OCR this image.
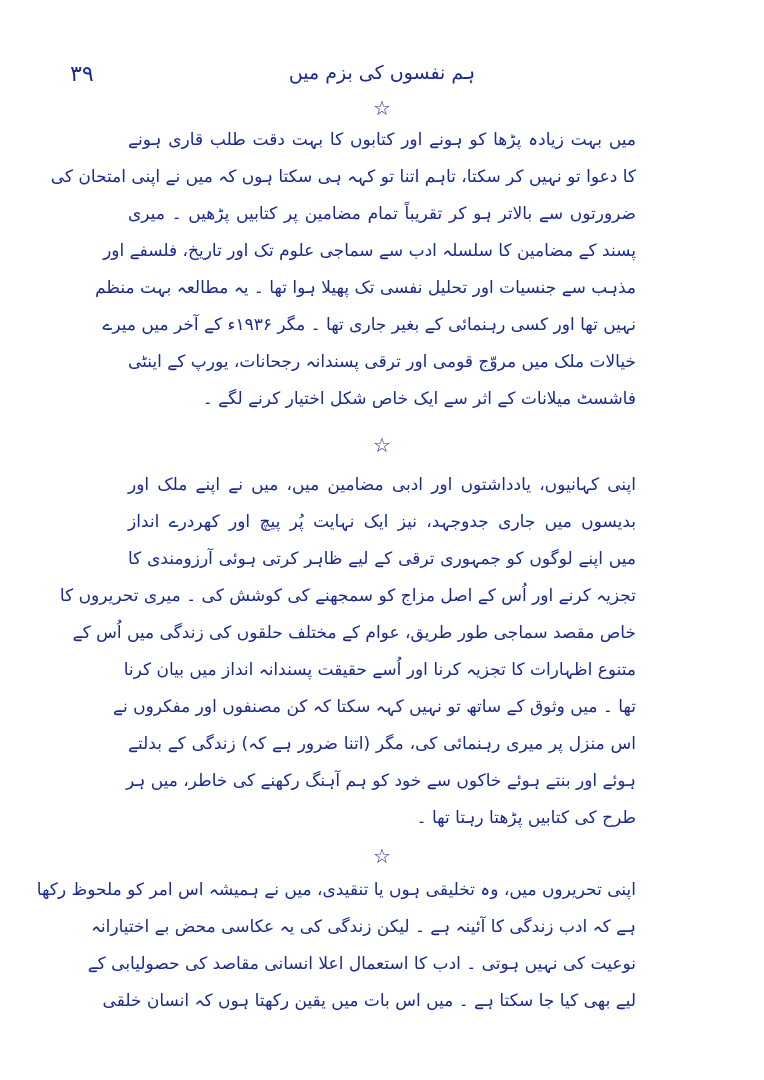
۳۹	ہم نفسوں کی بزم میں
☆
میں بہت زیادہ پڑھا کو ہونے اور کتابوں کا بہت دقت طلب قاری ہونے
کا دعوا تو نہیں کر سکتا، تاہم اتنا تو کہہ ہی سکتا ہوں کہ میں نے اپنی امتحان کی
ضرورتوں سے بالاتر ہو کر تقریباً تمام مضامین پر کتابیں پڑھیں ۔ میری
پسند کے مضامین کا سلسلہ ادب سے سماجی علوم تک اور تاریخ، فلسفے اور
مذہب سے جنسیات اور تحلیل نفسی تک پھیلا ہوا تھا ۔ یہ مطالعہ بہت منظم
نہیں تھا اور کسی رہنمائی کے بغیر جاری تھا ۔ مگر ۱۹۳۶ء کے آخر میں میرے
خیالات ملک میں مروّج قومی اور ترقی پسندانہ رجحانات، یورپ کے اینٹی
فاشسٹ میلانات کے اثر سے ایک خاص شکل اختیار کرنے لگے ۔
☆
اپنی کہانیوں، یادداشتوں اور ادبی مضامین میں، میں نے اپنے ملک اور
بدیسوں میں جاری جدوجہد، نیز ایک نہایت پُر پیچ اور کھردرے انداز
میں اپنے لوگوں کو جمہوری ترقی کے لیے ظاہر کرتی ہوئی آرزومندی کا
تجزیہ کرنے اور اُس کے اصل مزاج کو سمجھنے کی کوشش کی ۔ میری تحریروں کا
خاص مقصد سماجی طور طریق، عوام کے مختلف حلقوں کی زندگی میں اُس کے
متنوع اظہارات کا تجزیہ کرنا اور اُسے حقیقت پسندانہ انداز میں بیان کرنا
تھا ۔ میں وثوق کے ساتھ تو نہیں کہہ سکتا کہ کن مصنفوں اور مفکروں نے
اس منزل پر میری رہنمائی کی، مگر (اتنا ضرور ہے کہ) زندگی کے بدلتے
ہوئے اور بنتے ہوئے خاکوں سے خود کو ہم آہنگ رکھنے کی خاطر، میں ہر
طرح کی کتابیں پڑھتا رہتا تھا ۔
☆
اپنی تحریروں میں، وہ تخلیقی ہوں یا تنقیدی، میں نے ہمیشہ اس امر کو ملحوظ رکھا
ہے کہ ادب زندگی کا آئینہ ہے ۔ لیکن زندگی کی یہ عکاسی محض بے اختیارانہ
نوعیت کی نہیں ہوتی ۔ ادب کا استعمال اعلا انسانی مقاصد کی حصولیابی کے
لیے بھی کیا جا سکتا ہے ۔ میں اس بات میں یقین رکھتا ہوں کہ انسان خلقی
